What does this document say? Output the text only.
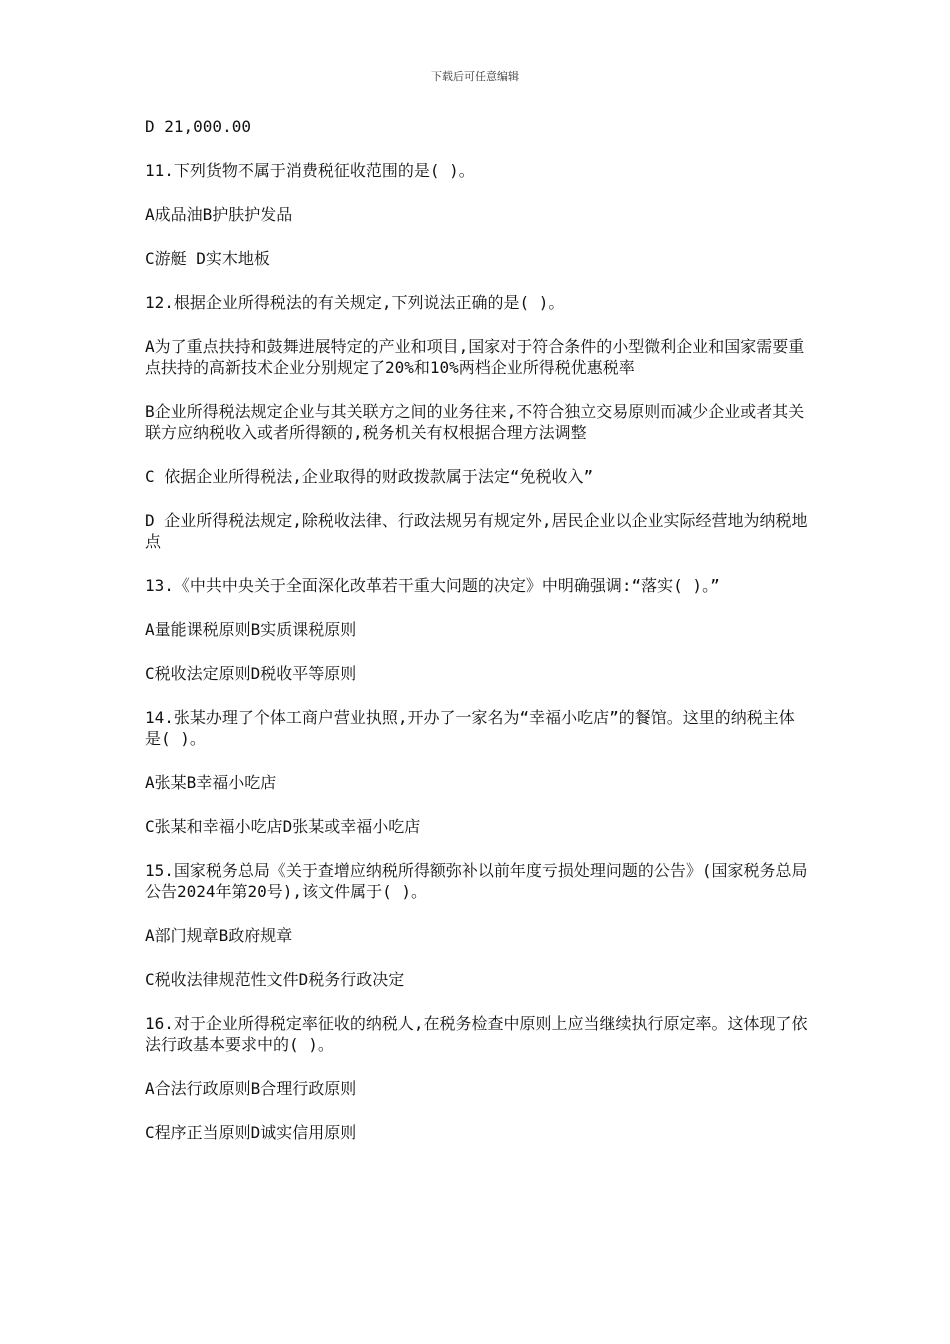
下载后可任意编辑

D 21,000.00

11.下列货物不属于消费税征收范围的是( )。

A成品油B护肤护发品

C游艇 D实木地板

12.根据企业所得税法的有关规定,下列说法正确的是( )。

A为了重点扶持和鼓舞进展特定的产业和项目,国家对于符合条件的小型微利企业和国家需要重点扶持的高新技术企业分别规定了20%和10%两档企业所得税优惠税率

B企业所得税法规定企业与其关联方之间的业务往来,不符合独立交易原则而减少企业或者其关联方应纳税收入或者所得额的,税务机关有权根据合理方法调整

C 依据企业所得税法,企业取得的财政拨款属于法定“免税收入”

D 企业所得税法规定,除税收法律、行政法规另有规定外,居民企业以企业实际经营地为纳税地点

13.《中共中央关于全面深化改革若干重大问题的决定》中明确强调:“落实( )。”

A量能课税原则B实质课税原则

C税收法定原则D税收平等原则

14.张某办理了个体工商户营业执照,开办了一家名为“幸福小吃店”的餐馆。这里的纳税主体是( )。

A张某B幸福小吃店

C张某和幸福小吃店D张某或幸福小吃店

15.国家税务总局《关于查增应纳税所得额弥补以前年度亏损处理问题的公告》(国家税务总局公告2024年第20号),该文件属于( )。

A部门规章B政府规章

C税收法律规范性文件D税务行政决定

16.对于企业所得税定率征收的纳税人,在税务检查中原则上应当继续执行原定率。这体现了依法行政基本要求中的( )。

A合法行政原则B合理行政原则

C程序正当原则D诚实信用原则
